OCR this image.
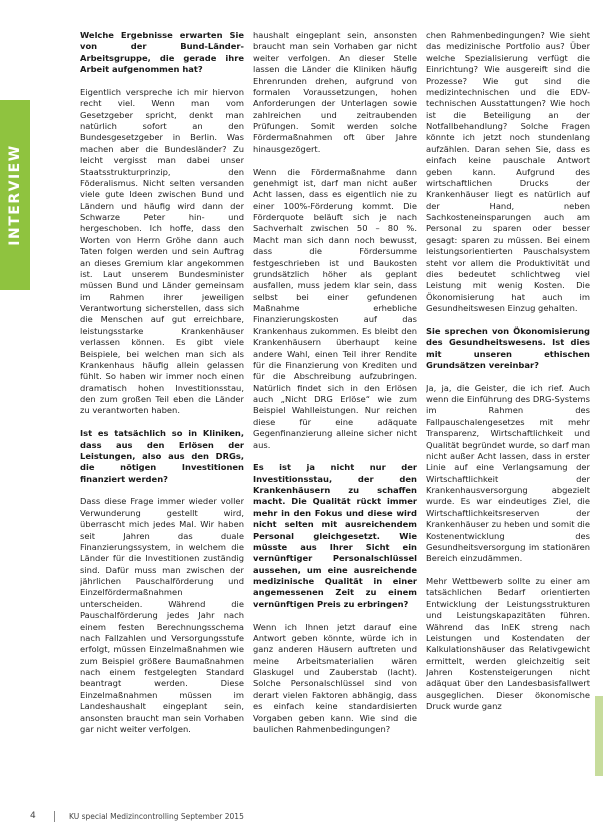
INTERVIEW

Welche Ergebnisse erwarten Sie von der Bund-Länder-Arbeitsgruppe, die gerade ihre Arbeit aufgenommen hat?

Eigentlich verspreche ich mir hiervon recht viel. Wenn man vom Gesetzgeber spricht, denkt man natürlich sofort an den Bundesgesetzgeber in Berlin. Was machen aber die Bundesländer? Zu leicht vergisst man dabei unser Staatsstrukturprinzip, den Föderalismus. Nicht selten versanden viele gute Ideen zwischen Bund und Ländern und häufig wird dann der Schwarze Peter hin- und hergeschoben. Ich hoffe, dass den Worten von Herrn Gröhe dann auch Taten folgen werden und sein Auftrag an dieses Gremium klar angekommen ist. Laut unserem Bundesminister müssen Bund und Länder gemeinsam im Rahmen ihrer jeweiligen Verantwortung sicherstellen, dass sich die Menschen auf gut erreichbare, leistungsstarke Krankenhäuser verlassen können. Es gibt viele Beispiele, bei welchen man sich als Krankenhaus häufig allein gelassen fühlt. So haben wir immer noch einen dramatisch hohen Investitionsstau, den zum großen Teil eben die Länder zu verantworten haben.

Ist es tatsächlich so in Kliniken, dass aus den Erlösen der Leistungen, also aus den DRGs, die nötigen Investitionen finanziert werden?

Dass diese Frage immer wieder voller Verwunderung gestellt wird, überrascht mich jedes Mal. Wir haben seit Jahren das duale Finanzierungssystem, in welchem die Länder für die Investitionen zuständig sind. Dafür muss man zwischen der jährlichen Pauschalförderung und Einzelfördermaßnahmen unterscheiden. Während die Pauschalförderung jedes Jahr nach einem festen Berechnungsschema nach Fallzahlen und Versorgungsstufe erfolgt, müssen Einzelmaßnahmen wie zum Beispiel größere Baumaßnahmen nach einem festgelegten Standard beantragt werden. Diese Einzelmaßnahmen müssen im Landeshaushalt eingeplant sein, ansonsten braucht man sein Vorhaben gar nicht weiter verfolgen.

haushalt eingeplant sein, ansonsten braucht man sein Vorhaben gar nicht weiter verfolgen. An dieser Stelle lassen die Länder die Kliniken häufig Ehrenrunden drehen, aufgrund von formalen Voraussetzungen, hohen Anforderungen der Unterlagen sowie zahlreichen und zeitraubenden Prüfungen. Somit werden solche Fördermaßnahmen oft über Jahre hinausgezögert.

Wenn die Fördermaßnahme dann genehmigt ist, darf man nicht außer Acht lassen, dass es eigentlich nie zu einer 100%-Förderung kommt. Die Förderquote beläuft sich je nach Sachverhalt zwischen 50 – 80 %. Macht man sich dann noch bewusst, dass die Fördersumme festgeschrieben ist und Baukosten grundsätzlich höher als geplant ausfallen, muss jedem klar sein, dass selbst bei einer gefundenen Maßnahme erhebliche Finanzierungskosten auf das Krankenhaus zukommen. Es bleibt den Krankenhäusern überhaupt keine andere Wahl, einen Teil ihrer Rendite für die Finanzierung von Krediten und für die Abschreibung aufzubringen. Natürlich findet sich in den Erlösen auch „Nicht DRG Erlöse“ wie zum Beispiel Wahlleistungen. Nur reichen diese für eine adäquate Gegenfinanzierung alleine sicher nicht aus.

Es ist ja nicht nur der Investitionsstau, der den Krankenhäusern zu schaffen macht. Die Qualität rückt immer mehr in den Fokus und diese wird nicht selten mit ausreichendem Personal gleichgesetzt. Wie müsste aus Ihrer Sicht ein vernünftiger Personalschlüssel aussehen, um eine ausreichende medizinische Qualität in einer angemessenen Zeit zu einem vernünftigen Preis zu erbringen?

Wenn ich Ihnen jetzt darauf eine Antwort geben könnte, würde ich in ganz anderen Häusern auftreten und meine Arbeitsmaterialien wären Glaskugel und Zauberstab (lacht). Solche Personalschlüssel sind von derart vielen Faktoren abhängig, dass es einfach keine standardisierten Vorgaben geben kann. Wie sind die baulichen Rahmenbedingungen?

chen Rahmenbedingungen? Wie sieht das medizinische Portfolio aus? Über welche Spezialisierung verfügt die Einrichtung? Wie ausgereift sind die Prozesse? Wie gut sind die medizintechnischen und die EDV-technischen Ausstattungen? Wie hoch ist die Beteiligung an der Notfallbehandlung? Solche Fragen könnte ich jetzt noch stundenlang aufzählen. Daran sehen Sie, dass es einfach keine pauschale Antwort geben kann. Aufgrund des wirtschaftlichen Drucks der Krankenhäuser liegt es natürlich auf der Hand, neben Sachkosteneinsparungen auch am Personal zu sparen oder besser gesagt: sparen zu müssen. Bei einem leistungsorientierten Pauschalsystem steht vor allem die Produktivität und dies bedeutet schlichtweg viel Leistung mit wenig Kosten. Die Ökonomisierung hat auch im Gesundheitswesen Einzug gehalten.

Sie sprechen von Ökonomisierung des Gesundheitswesens. Ist dies mit unseren ethischen Grundsätzen vereinbar?

Ja, ja, die Geister, die ich rief. Auch wenn die Einführung des DRG-Systems im Rahmen des Fallpauschalengesetzes mit mehr Transparenz, Wirtschaftlichkeit und Qualität begründet wurde, so darf man nicht außer Acht lassen, dass in erster Linie auf eine Verlangsamung der Wirtschaftlichkeit der Krankenhausversorgung abgezielt wurde. Es war eindeutiges Ziel, die Wirtschaftlichkeitsreserven der Krankenhäuser zu heben und somit die Kostenentwicklung des Gesundheitsversorgung im stationären Bereich einzudämmen.

Mehr Wettbewerb sollte zu einer am tatsächlichen Bedarf orientierten Entwicklung der Leistungsstrukturen und Leistungskapazitäten führen. Während das InEK streng nach Leistungen und Kostendaten der Kalkulationshäuser das Relativgewicht ermittelt, werden gleichzeitig seit Jahren Kostensteigerungen nicht adäquat über den Landesbasisfallwert ausgeglichen. Dieser ökonomische Druck wurde ganz

4	KU special Medizincontrolling September 2015
